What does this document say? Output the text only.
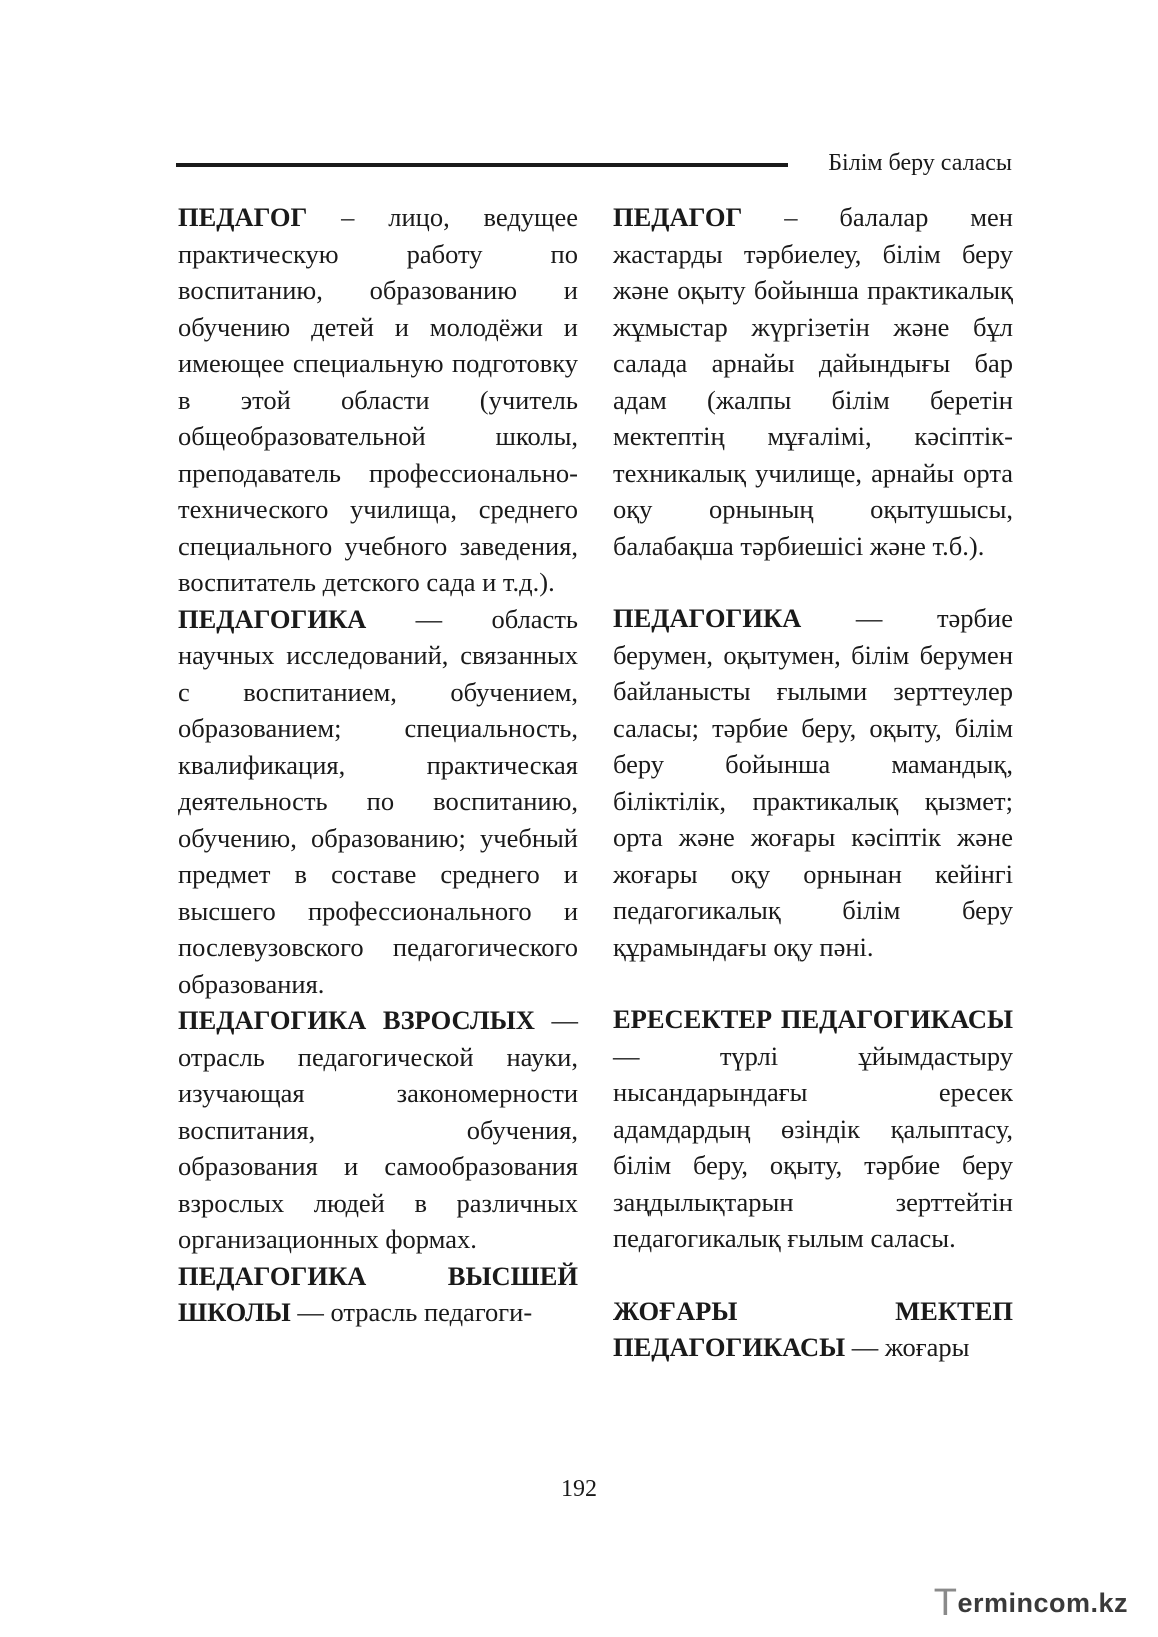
Білім беру саласы

ПЕДАГОГ – лицо, ведущее практическую работу по воспитанию, образованию и обучению детей и молодёжи и имеющее специальную подготовку в этой области (учитель общеобразовательной школы, преподаватель профессионально-технического училища, среднего специального учебного заведения, воспитатель детского сада и т.д.).

ПЕДАГОГИКА — область научных исследований, связанных с воспитанием, обучением, образованием; специальность, квалификация, практическая деятельность по воспитанию, обучению, образованию; учебный предмет в составе среднего и высшего профессионального и послевузовского педагогического образования.

ПЕДАГОГИКА ВЗРОСЛЫХ — отрасль педагогической науки, изучающая закономерности воспитания, обучения, образования и самообразования взрослых людей в различных организационных формах.

ПЕДАГОГИКА ВЫСШЕЙ ШКОЛЫ — отрасль педагоги-

ПЕДАГОГ – балалар мен жастарды тәрбиелеу, білім беру және оқыту бойынша практикалық жұмыстар жүргізетін және бұл салада арнайы дайындығы бар адам (жалпы білім беретін мектептің мұғалімі, кәсіптік-техникалық училище, арнайы орта оқу орнының оқытушысы, балабақша тәрбиешісі және т.б.).

ПЕДАГОГИКА — тәрбие берумен, оқытумен, білім берумен байланысты ғылыми зерттеулер саласы; тәрбие беру, оқыту, білім беру бойынша мамандық, біліктілік, практикалық қызмет; орта және жоғары кәсіптік және жоғары оқу орнынан кейінгі педагогикалық білім беру құрамындағы оқу пәні.

ЕРЕСЕКТЕР ПЕДАГОГИКАСЫ — түрлі ұйымдастыру нысандарындағы ересек адамдардың өзіндік қалыптасу, білім беру, оқыту, тәрбие беру заңдылықтарын зерттейтін педагогикалық ғылым саласы.

ЖОҒАРЫ МЕКТЕП ПЕДАГОГИКАСЫ — жоғары

192
Termincom.kz
